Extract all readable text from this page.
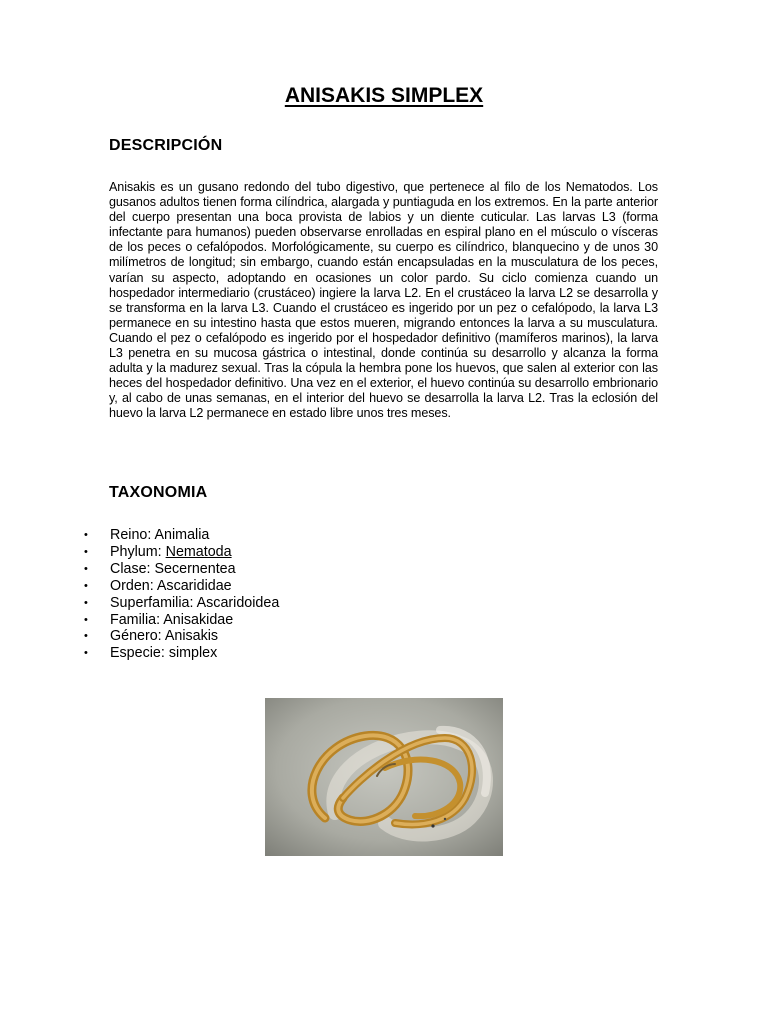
ANISAKIS SIMPLEX
DESCRIPCIÓN
Anisakis es un gusano redondo del tubo digestivo, que pertenece al filo de los Nematodos. Los gusanos adultos tienen forma cilíndrica, alargada y puntiaguda en los extremos. En la parte anterior del cuerpo presentan una boca provista de labios y un diente cuticular. Las larvas L3 (forma infectante para humanos) pueden observarse enrolladas en espiral plano en el músculo o vísceras de los peces o cefalópodos. Morfológicamente, su cuerpo es cilíndrico, blanquecino y de unos 30 milímetros de longitud; sin embargo, cuando están encapsuladas en la musculatura de los peces, varían su aspecto, adoptando en ocasiones un color pardo. Su ciclo comienza cuando un hospedador intermediario (crustáceo) ingiere la larva L2. En el crustáceo la larva L2 se desarrolla y se transforma en la larva L3. Cuando el crustáceo es ingerido por un pez o cefalópodo, la larva L3 permanece en su intestino hasta que estos mueren, migrando entonces la larva a su musculatura. Cuando el pez o cefalópodo es ingerido por el hospedador definitivo (mamíferos marinos), la larva L3 penetra en su mucosa gástrica o intestinal, donde continúa su desarrollo y alcanza la forma adulta y la madurez sexual. Tras la cópula la hembra pone los huevos, que salen al exterior con las heces del hospedador definitivo. Una vez en el exterior, el huevo continúa su desarrollo embrionario y, al cabo de unas semanas, en el interior del huevo se desarrolla la larva L2. Tras la eclosión del huevo la larva L2 permanece en estado libre unos tres meses.
TAXONOMIA
• Reino: Animalia
• Phylum: Nematoda
• Clase: Secernentea
• Orden: Ascarididae
• Superfamilia: Ascaridoidea
• Familia: Anisakidae
• Género: Anisakis
• Especie: simplex
